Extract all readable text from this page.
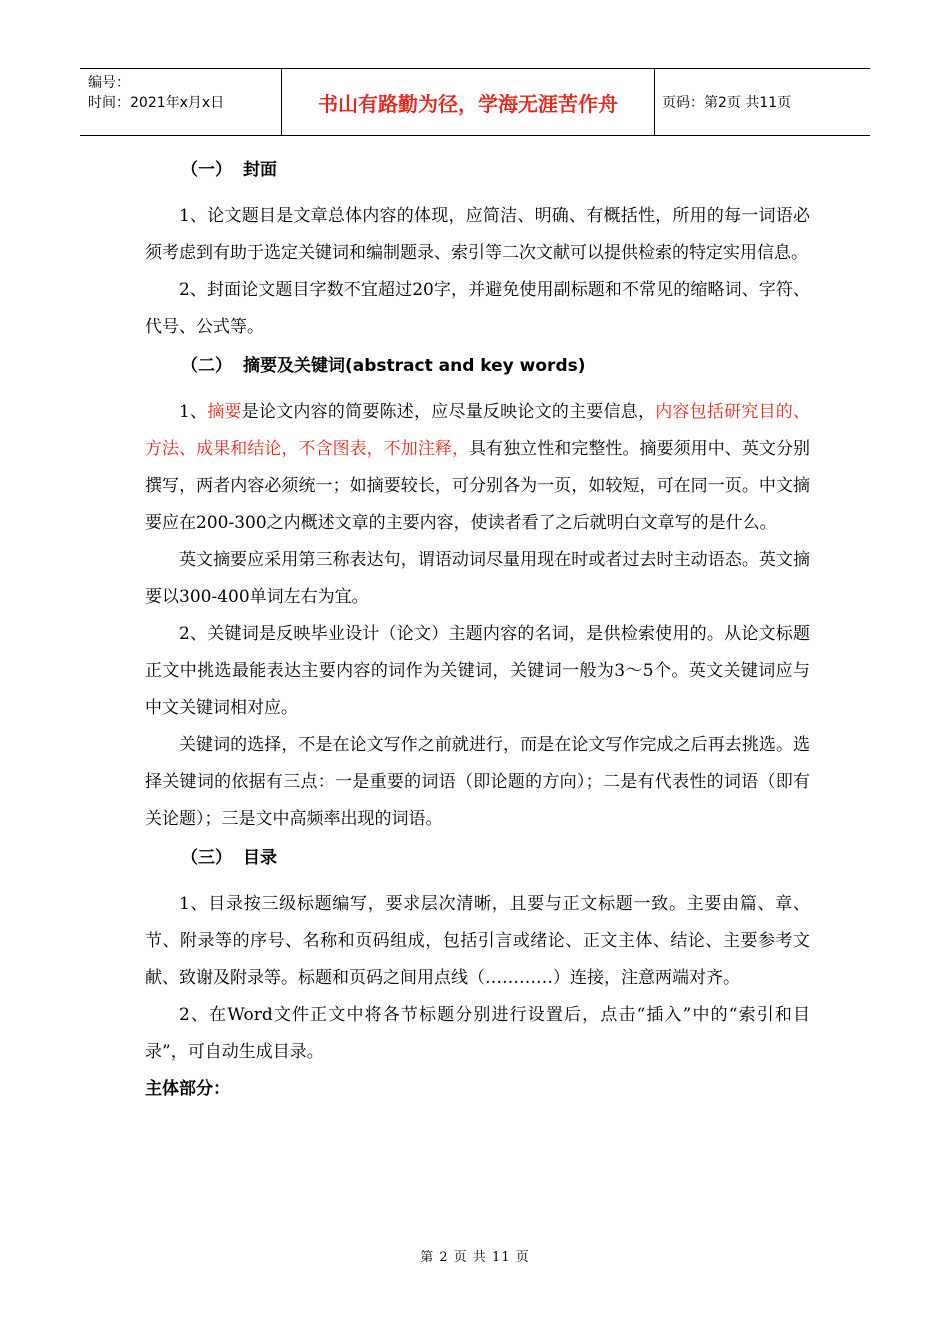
编号：
时间：2021年x月x日	书山有路勤为径，学海无涯苦作舟	页码：第2页 共11页
（一） 封面

1、论文题目是文章总体内容的体现，应简洁、明确、有概括性，所用的每一词语必须考虑到有助于选定关键词和编制题录、索引等二次文献可以提供检索的特定实用信息。

2、封面论文题目字数不宜超过20字，并避免使用副标题和不常见的缩略词、字符、代号、公式等。

（二） 摘要及关键词(abstract and key words)

1、摘要是论文内容的简要陈述，应尽量反映论文的主要信息，内容包括研究目的、方法、成果和结论，不含图表，不加注释，具有独立性和完整性。摘要须用中、英文分别撰写，两者内容必须统一；如摘要较长，可分别各为一页，如较短，可在同一页。中文摘要应在200-300之内概述文章的主要内容，使读者看了之后就明白文章写的是什么。

英文摘要应采用第三称表达句，谓语动词尽量用现在时或者过去时主动语态。英文摘要以300-400单词左右为宜。

2、关键词是反映毕业设计（论文）主题内容的名词，是供检索使用的。从论文标题正文中挑选最能表达主要内容的词作为关键词，关键词一般为3～5个。英文关键词应与中文关键词相对应。

关键词的选择，不是在论文写作之前就进行，而是在论文写作完成之后再去挑选。选择关键词的依据有三点：一是重要的词语（即论题的方向）；二是有代表性的词语（即有关论题）；三是文中高频率出现的词语。

（三） 目录

1、目录按三级标题编写，要求层次清晰，且要与正文标题一致。主要由篇、章、节、附录等的序号、名称和页码组成，包括引言或绪论、正文主体、结论、主要参考文献、致谢及附录等。标题和页码之间用点线（…………）连接，注意两端对齐。

2、在Word文件正文中将各节标题分别进行设置后，点击“插入”中的“索引和目录”，可自动生成目录。

主体部分：

第 2 页 共 11 页
